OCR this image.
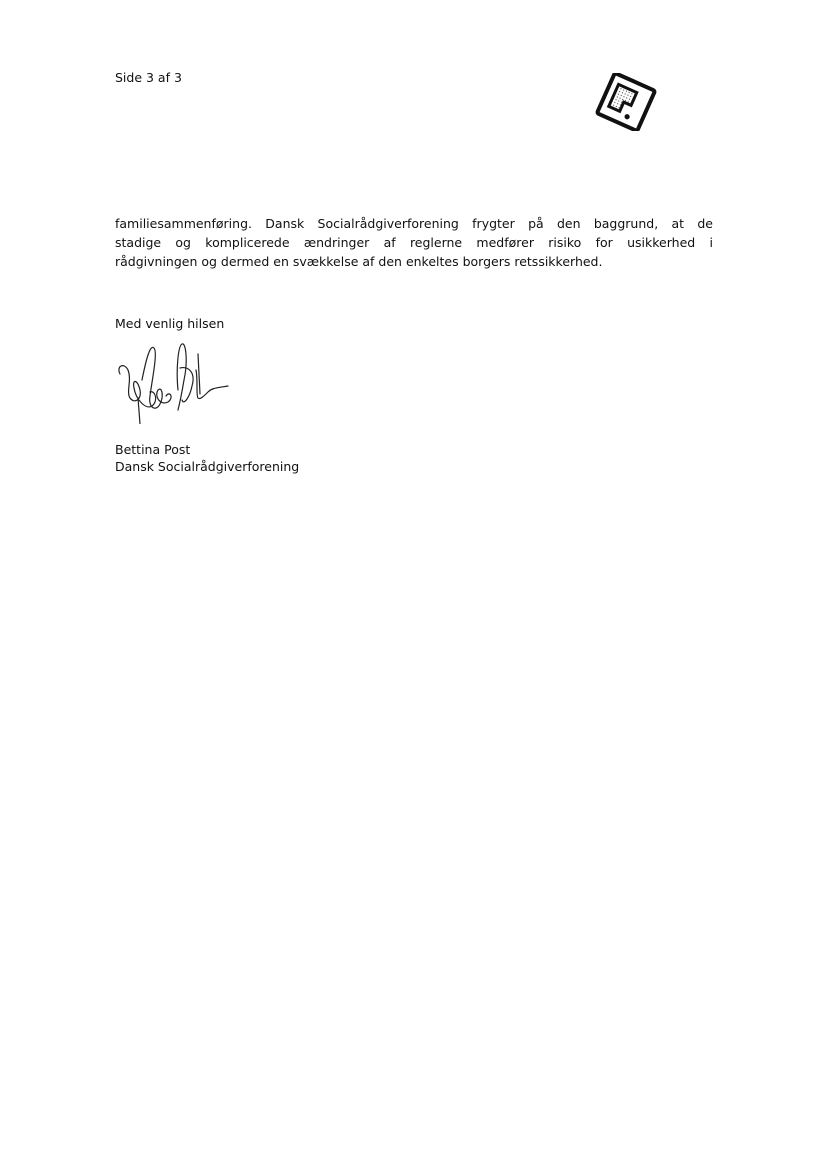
Side 3 af 3
familiesammenføring. Dansk Socialrådgiverforening frygter på den baggrund, at de
stadige og komplicerede ændringer af reglerne medfører risiko for usikkerhed i
rådgivningen og dermed en svækkelse af den enkeltes borgers retssikkerhed.
Med venlig hilsen
Bettina Post
Dansk Socialrådgiverforening
